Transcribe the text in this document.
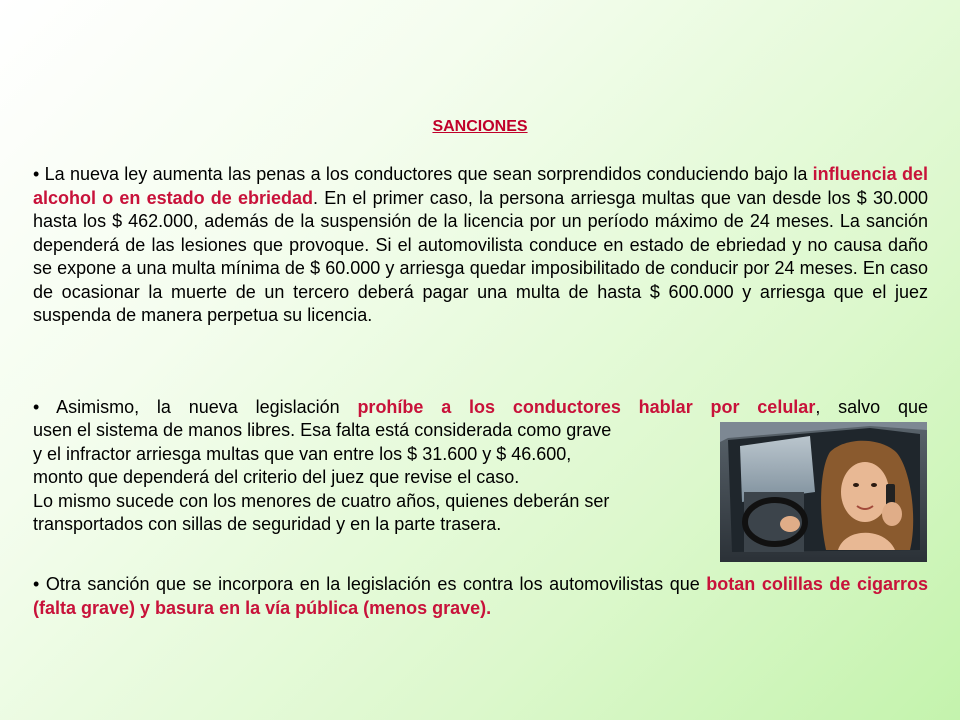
SANCIONES

• La nueva ley aumenta las penas a los conductores que sean sorprendidos conduciendo bajo la influencia del alcohol o en estado de ebriedad. En el primer caso, la persona arriesga multas que van desde los $ 30.000 hasta los $ 462.000, además de la suspensión de la licencia por un período máximo de 24 meses. La sanción dependerá de las lesiones que provoque. Si el automovilista conduce en estado de ebriedad y no causa daño se expone a una multa mínima de $ 60.000 y arriesga quedar imposibilitado de conducir por 24 meses. En caso de ocasionar la muerte de un tercero deberá pagar una multa de hasta $ 600.000 y arriesga que el juez suspenda de manera perpetua su licencia.

• Asimismo, la nueva legislación prohíbe a los conductores hablar por celular, salvo que

usen el sistema de manos libres. Esa falta está considerada como grave
y el infractor arriesga multas que van entre los $ 31.600 y $ 46.600,
monto que dependerá del criterio del juez que revise el caso.
Lo mismo sucede con los menores de cuatro años, quienes deberán ser
transportados con sillas de seguridad y en la parte trasera.

• Otra sanción que se incorpora en la legislación es contra los automovilistas que botan colillas de cigarros (falta grave) y basura en la vía pública (menos grave).
